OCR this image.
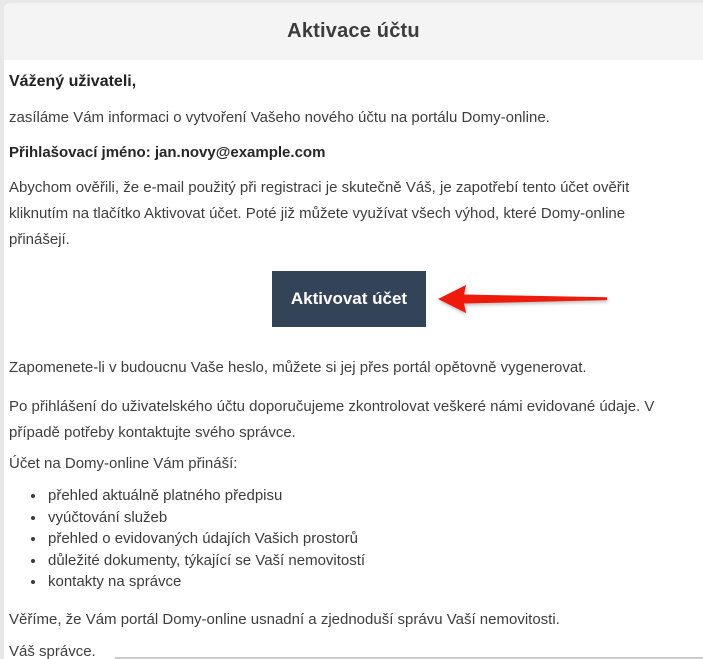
Aktivace účtu

Vážený uživateli,

zasíláme Vám informaci o vytvoření Vašeho nového účtu na portálu Domy-online.

Přihlašovací jméno: jan.novy@example.com

Abychom ověřili, že e-mail použitý při registraci je skutečně Váš, je zapotřebí tento účet ověřit kliknutím na tlačítko Aktivovat účet. Poté již můžete využívat všech výhod, které Domy-online přinášejí.

Aktivovat účet

Zapomenete-li v budoucnu Vaše heslo, můžete si jej přes portál opětovně vygenerovat.

Po přihlášení do uživatelského účtu doporučujeme zkontrolovat veškeré námi evidované údaje. V případě potřeby kontaktujte svého správce.

Účet na Domy-online Vám přináší:

• přehled aktuálně platného předpisu
• vyúčtování služeb
• přehled o evidovaných údajích Vašich prostorů
• důležité dokumenty, týkající se Vaší nemovitostí
• kontakty na správce

Věříme, že Vám portál Domy-online usnadní a zjednoduší správu Vaší nemovitosti.

Váš správce.
